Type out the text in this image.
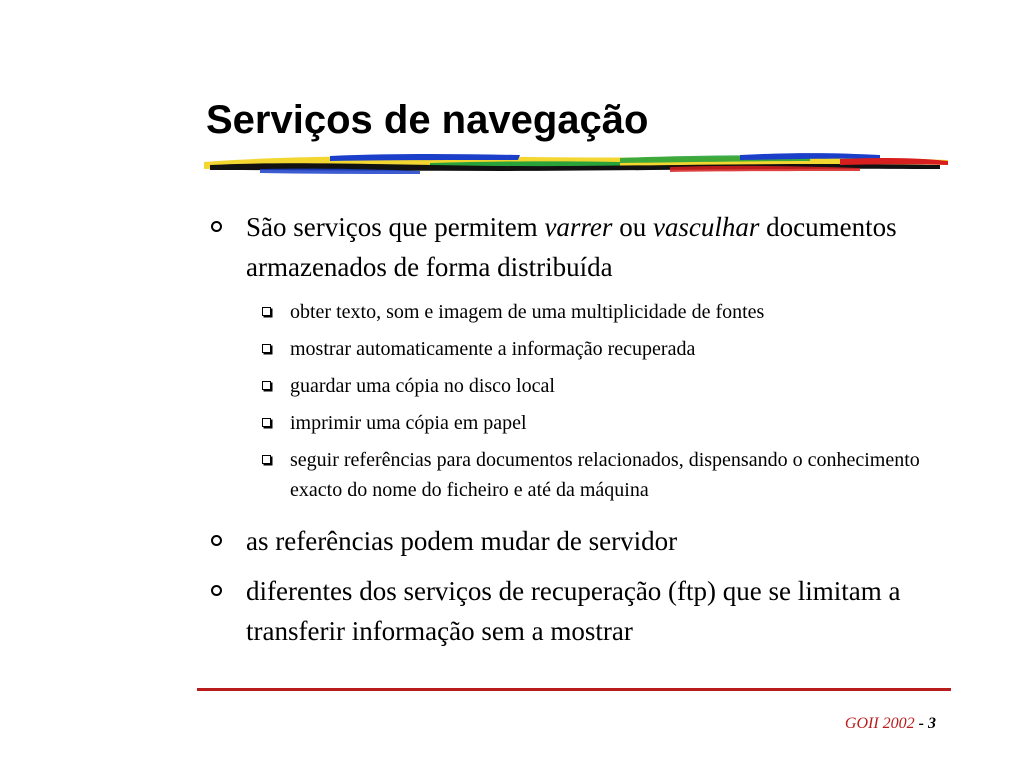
Serviços de navegação
São serviços que permitem varrer ou vasculhar documentos armazenados de forma distribuída
obter texto, som e imagem de uma multiplicidade de fontes
mostrar automaticamente a informação recuperada
guardar uma cópia no disco local
imprimir uma cópia em papel
seguir referências para documentos relacionados, dispensando o conhecimento exacto do nome do ficheiro e até da máquina
as referências podem mudar de servidor
diferentes dos serviços de recuperação (ftp) que se limitam a transferir informação sem a mostrar
GOII 2002 - 3
